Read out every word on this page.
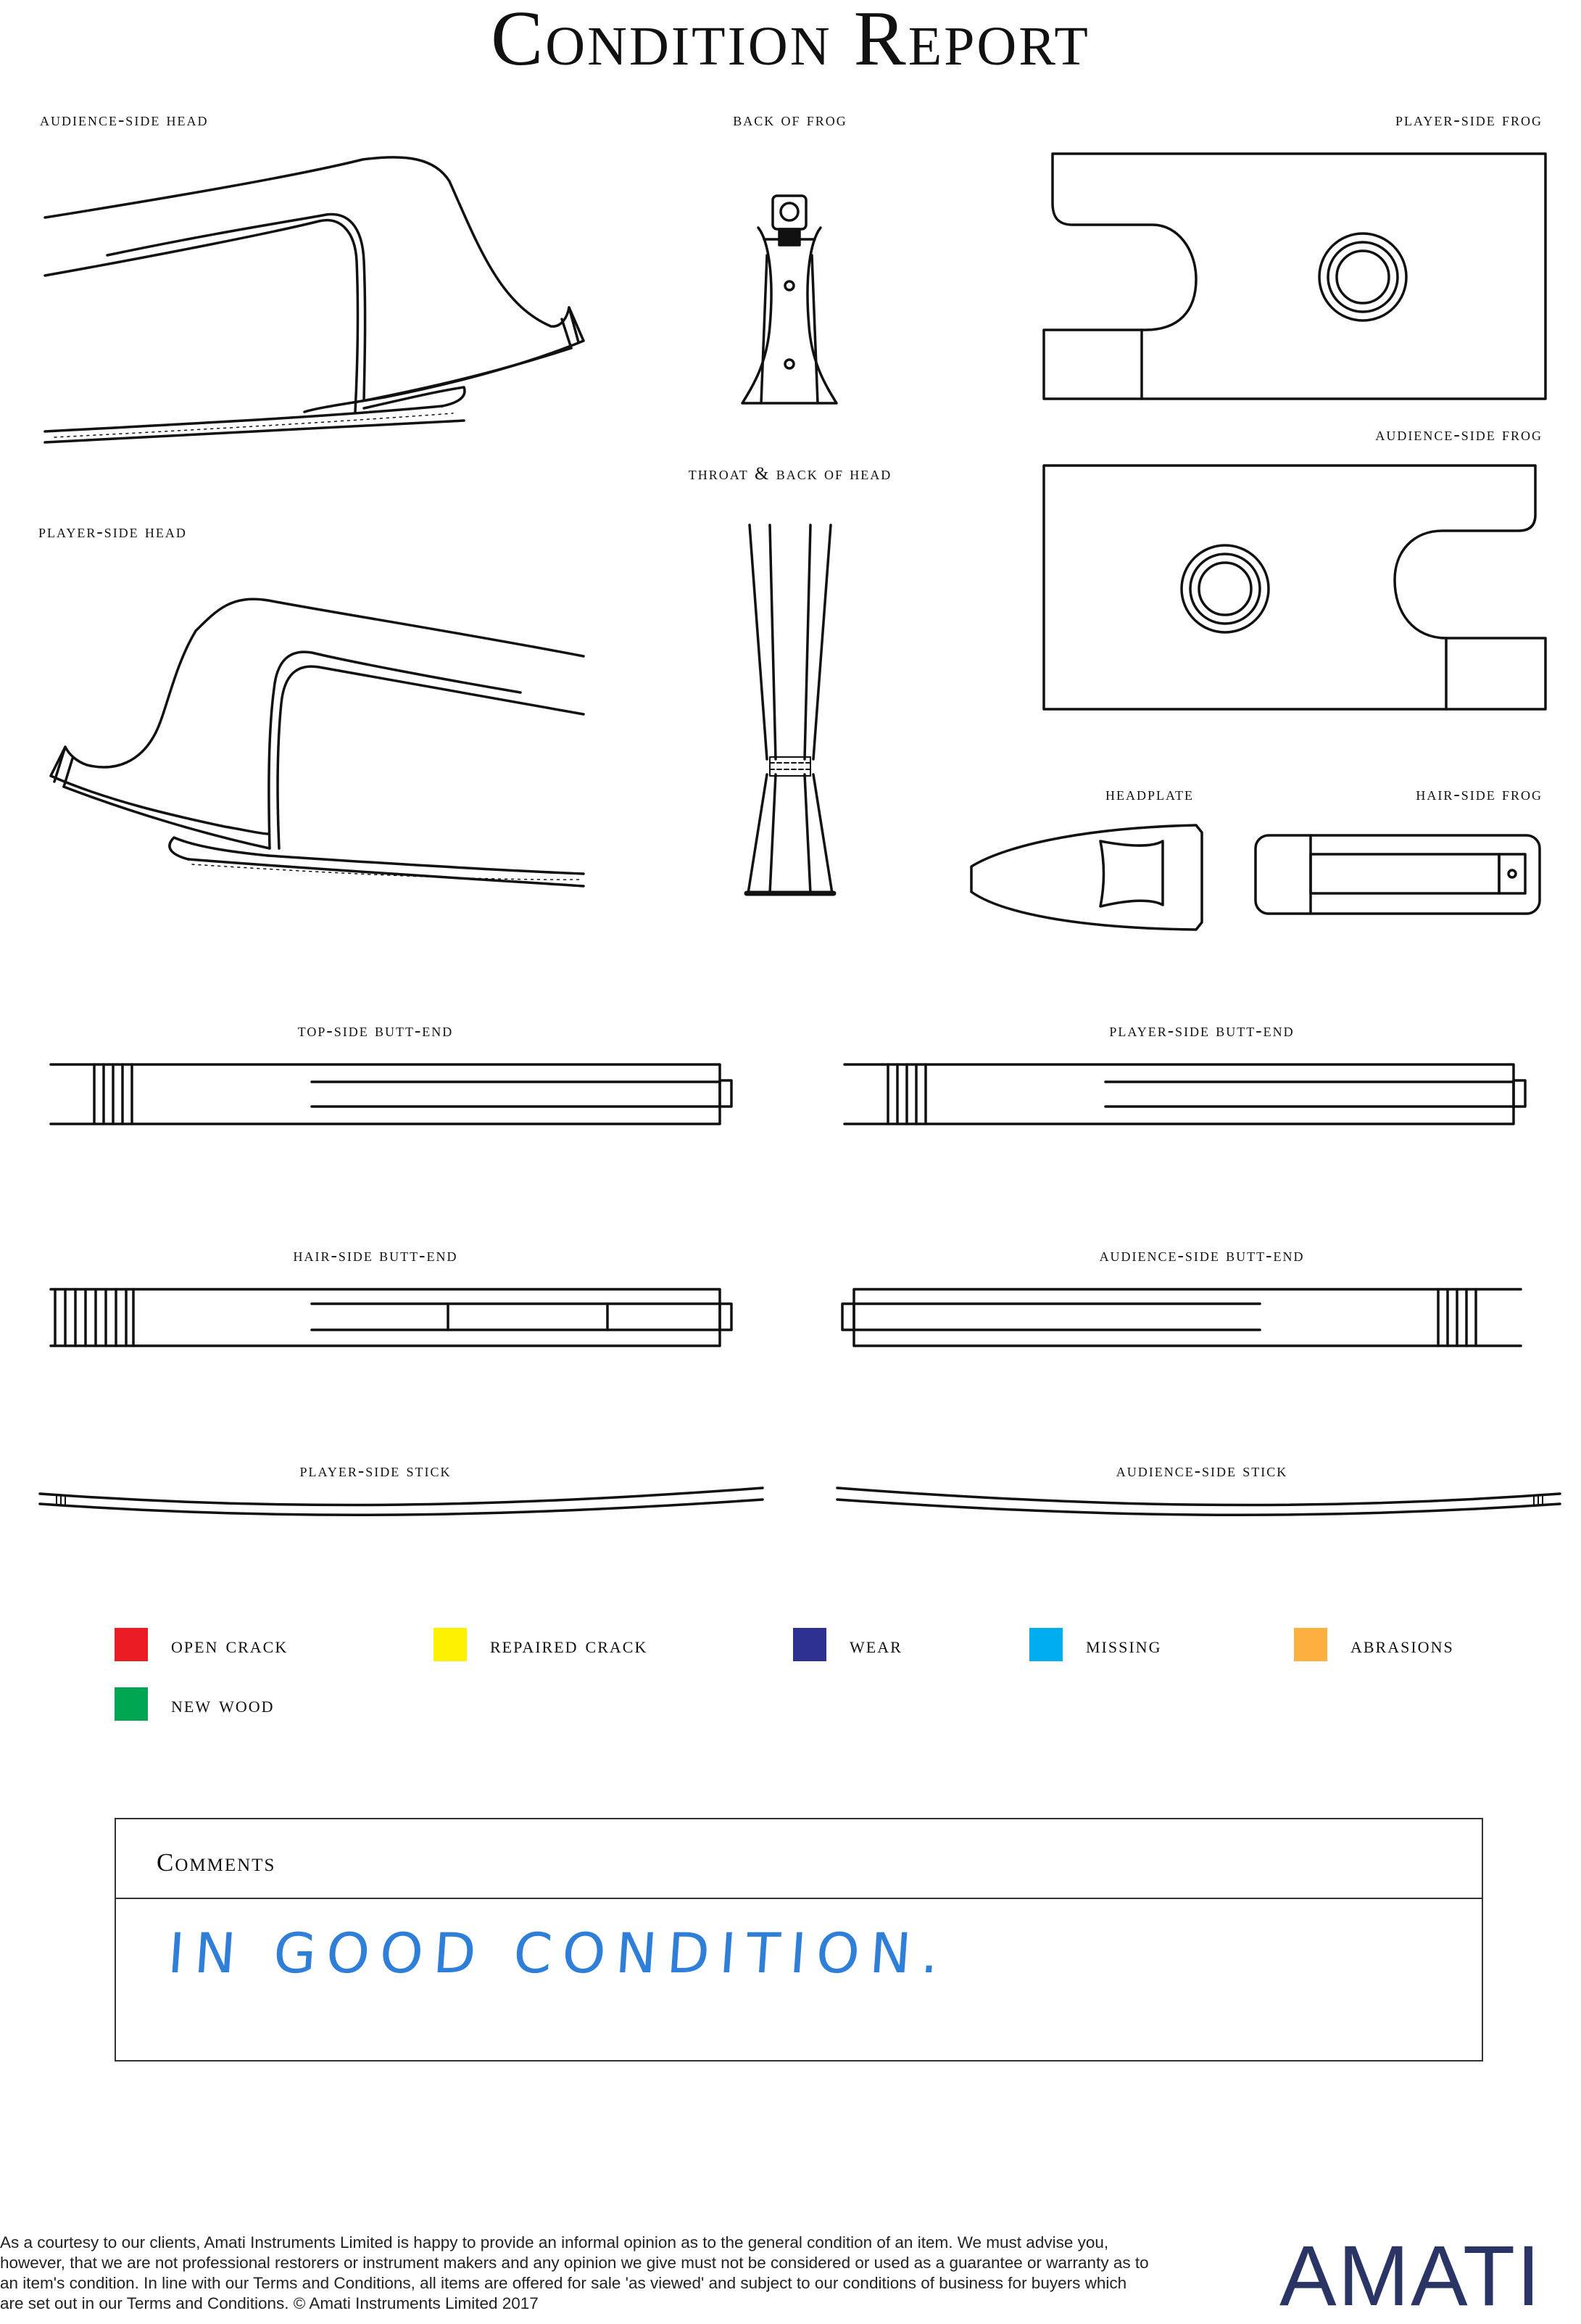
Condition Report
audience-side head	back of frog	player-side frog
audience-side frog
throat & back of head
player-side head
headplate	hair-side frog
top-side butt-end	player-side butt-end
hair-side butt-end	audience-side butt-end
player-side stick	audience-side stick
open crack	repaired crack	wear	missing	abrasions
new wood
Comments
IN GOOD CONDITION.
As a courtesy to our clients, Amati Instruments Limited is happy to provide an informal opinion as to the general condition of an item. We must advise you, however, that we are not professional restorers or instrument makers and any opinion we give must not be considered or used as a guarantee or warranty as to an item's condition. In line with our Terms and Conditions, all items are offered for sale 'as viewed' and subject to our conditions of business for buyers which are set out in our Terms and Conditions. © Amati Instruments Limited 2017	AMATI
